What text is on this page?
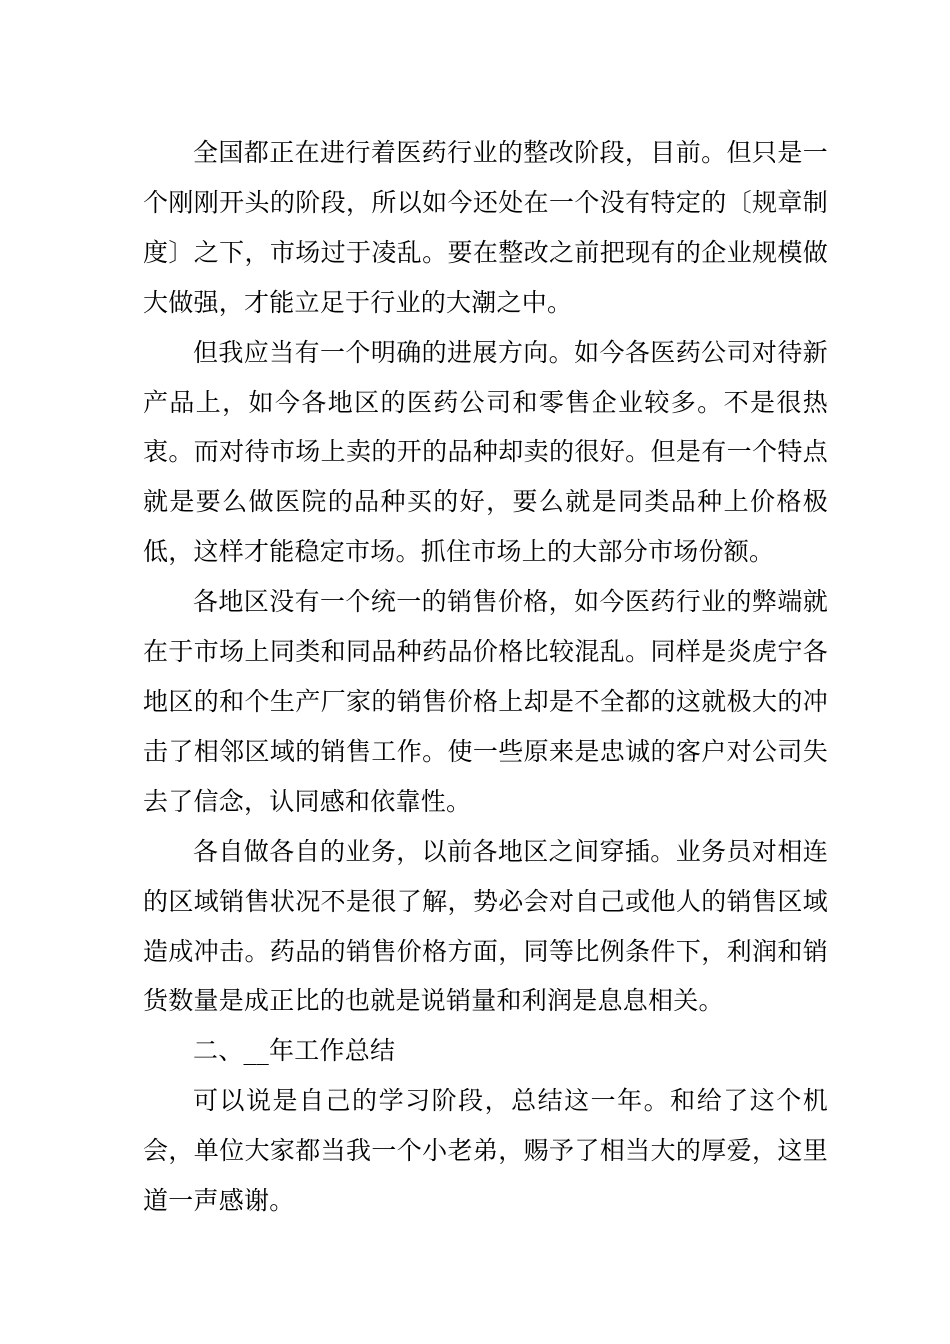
全国都正在进行着医药行业的整改阶段，目前。但只是一个刚刚开头的阶段，所以如今还处在一个没有特定的〔规章制度〕之下，市场过于凌乱。要在整改之前把现有的企业规模做大做强，才能立足于行业的大潮之中。

但我应当有一个明确的进展方向。如今各医药公司对待新产品上，如今各地区的医药公司和零售企业较多。不是很热衷。而对待市场上卖的开的品种却卖的很好。但是有一个特点就是要么做医院的品种买的好，要么就是同类品种上价格极低，这样才能稳定市场。抓住市场上的大部分市场份额。

各地区没有一个统一的销售价格，如今医药行业的弊端就在于市场上同类和同品种药品价格比较混乱。同样是炎虎宁各地区的和个生产厂家的销售价格上却是不全都的这就极大的冲击了相邻区域的销售工作。使一些原来是忠诚的客户对公司失去了信念，认同感和依靠性。

各自做各自的业务，以前各地区之间穿插。业务员对相连的区域销售状况不是很了解，势必会对自己或他人的销售区域造成冲击。药品的销售价格方面，同等比例条件下，利润和销货数量是成正比的也就是说销量和利润是息息相关。

二、__年工作总结

可以说是自己的学习阶段，总结这一年。和给了这个机会，单位大家都当我一个小老弟，赐予了相当大的厚爱，这里道一声感谢。
